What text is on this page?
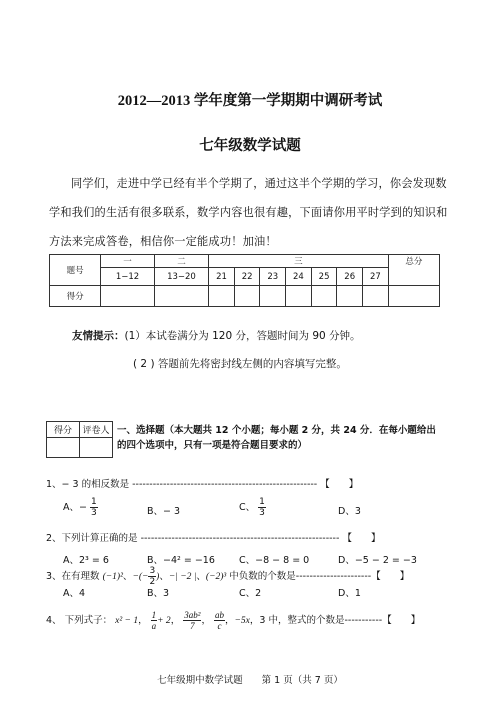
2012—2013 学年度第一学期期中调研考试
七年级数学试题
同学们，走进中学已经有半个学期了，通过这半个学期的学习，你会发现数
学和我们的生活有很多联系，数学内容也很有趣，下面请你用平时学到的知识和
方法来完成答卷，相信你一定能成功！加油！
题号	一	二	三							总分
	1−12	13−20	21	22	23	24	25	26	27	
得分										
友情提示：(1）本试卷满分为 120 分，答题时间为 90 分钟。
( 2 ) 答题前先将密封线左侧的内容填写完整。
得分	评卷人
	一、选择题（本大题共 12 个小题；每小题 2 分，共 24 分．在每小题给出
的四个选项中，只有一项是符合题目要求的）
1、− 3 的相反数是 ------------------------------------------------------ 【　　】
A、− $\frac{1}{3}$	B、− 3	C、 $\frac{1}{3}$	D、3
2、下列计算正确的是 ---------------------------------------------------------- 【　　】
A、2³ = 6	B、−4² = −16	C、−8 − 8 = 0	D、−5 − 2 = −3
3、在有理数 (−1)²、−(− $\frac{3}{2}$ )、−| −2 |、(−2)³ 中负数的个数是----------------------【　　】
A、4	B、3	C、2	D、1
4、 下列式子： x² − 1， $\frac{1}{a} + 2$， $\frac{\text{3ab²}}{7}$ ， $\frac{ab}{c}$ ，−5x，3 中，整式的个数是-----------【　　】
七年级期中数学试题　　第 1 页（共 7 页）
